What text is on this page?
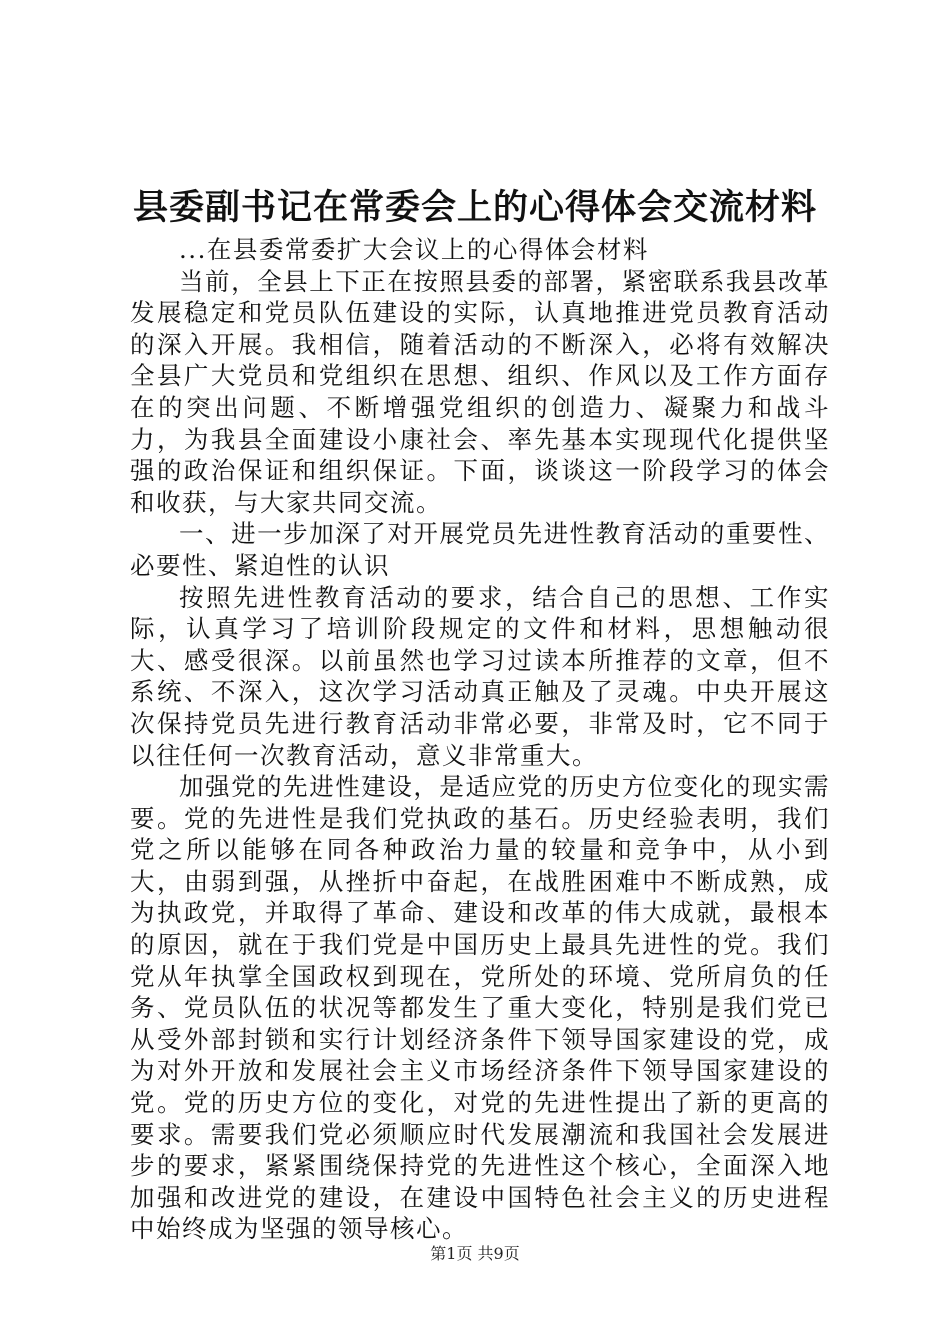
县委副书记在常委会上的心得体会交流材料

...在县委常委扩大会议上的心得体会材料

当前，全县上下正在按照县委的部署，紧密联系我县改革发展稳定和党员队伍建设的实际，认真地推进党员教育活动的深入开展。我相信，随着活动的不断深入，必将有效解决全县广大党员和党组织在思想、组织、作风以及工作方面存在的突出问题、不断增强党组织的创造力、凝聚力和战斗力，为我县全面建设小康社会、率先基本实现现代化提供坚强的政治保证和组织保证。下面，谈谈这一阶段学习的体会和收获，与大家共同交流。

一、进一步加深了对开展党员先进性教育活动的重要性、必要性、紧迫性的认识

按照先进性教育活动的要求，结合自己的思想、工作实际，认真学习了培训阶段规定的文件和材料，思想触动很大、感受很深。以前虽然也学习过读本所推荐的文章，但不系统、不深入，这次学习活动真正触及了灵魂。中央开展这次保持党员先进行教育活动非常必要，非常及时，它不同于以往任何一次教育活动，意义非常重大。

加强党的先进性建设，是适应党的历史方位变化的现实需要。党的先进性是我们党执政的基石。历史经验表明，我们党之所以能够在同各种政治力量的较量和竞争中，从小到大，由弱到强，从挫折中奋起，在战胜困难中不断成熟，成为执政党，并取得了革命、建设和改革的伟大成就，最根本的原因，就在于我们党是中国历史上最具先进性的党。我们党从年执掌全国政权到现在，党所处的环境、党所肩负的任务、党员队伍的状况等都发生了重大变化，特别是我们党已从受外部封锁和实行计划经济条件下领导国家建设的党，成为对外开放和发展社会主义市场经济条件下领导国家建设的党。党的历史方位的变化，对党的先进性提出了新的更高的要求。需要我们党必须顺应时代发展潮流和我国社会发展进步的要求，紧紧围绕保持党的先进性这个核心，全面深入地加强和改进党的建设，在建设中国特色社会主义的历史进程中始终成为坚强的领导核心。

第1页 共9页
